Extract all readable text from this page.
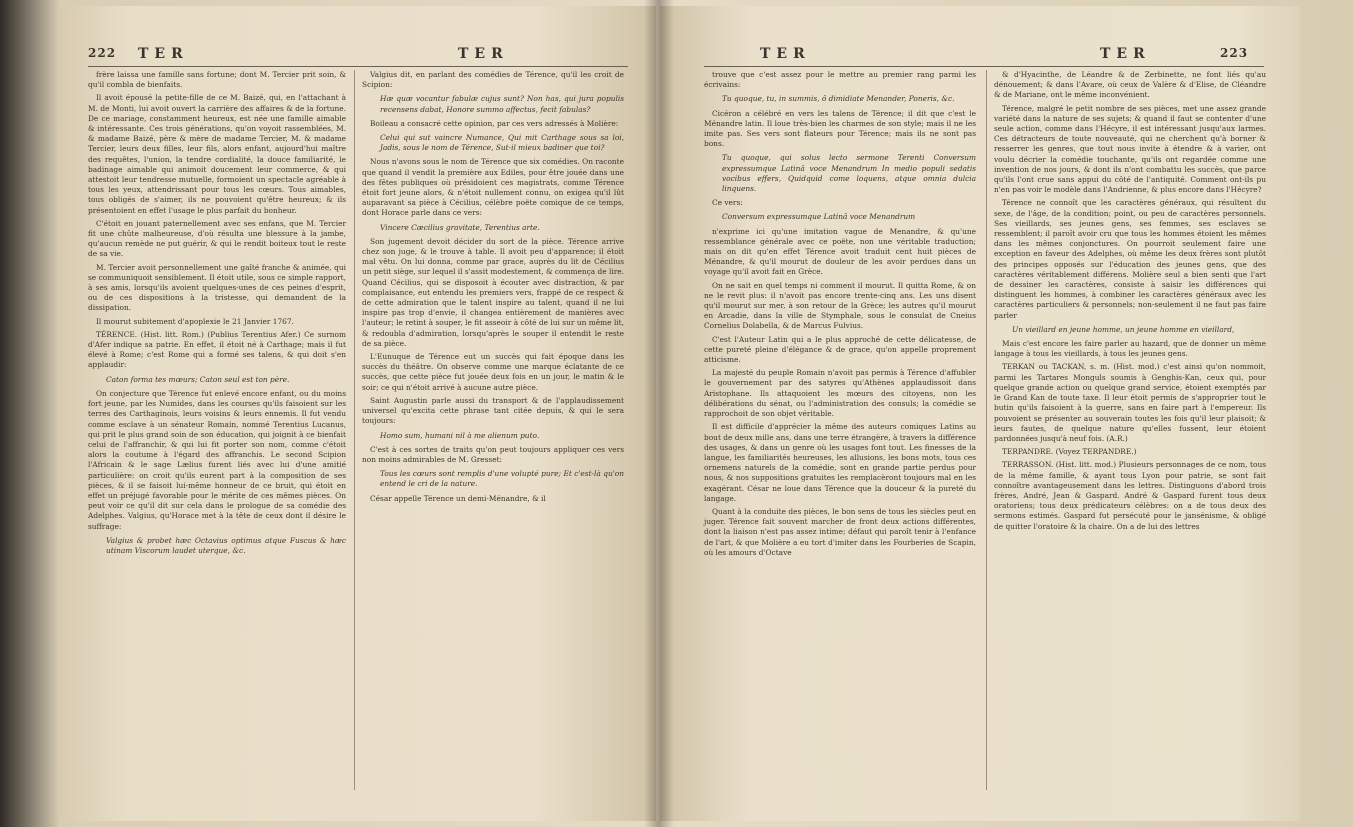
222 TER	TER

frère laissa une famille sans fortune; dont M. Tercier prit soin, & qu'il combla de bienfaits.

Il avoit épousé la petite-fille de ce M. Baizé, qui, en l'attachant à M. de Monti, lui avoit ouvert la carrière des affaires & de la fortune. De ce mariage, constamment heureux, est née une famille aimable & intéressante. Ces trois générations, qu'on voyoit rassemblées, M. & madame Baizé, père & mère de madame Tercier, M. & madame Tercier, leurs deux filles, leur fils, alors enfant, aujourd'hui maître des requêtes, l'union, la tendre cordialité, la douce familiarité, le badinage aimable qui animoit doucement leur commerce, & qui attestoit leur tendresse mutuelle, formoient un spectacle agréable à tous les yeux, attendrissant pour tous les cœurs. Tous aimables, tous obligés de s'aimer, ils ne pouvoient qu'être heureux; & ils présentoient en effet l'usage le plus parfait du bonheur.

C'étoit en jouant paternellement avec ses enfans, que M. Tercier fit une chûte malheureuse, d'où résulta une blessure à la jambe, qu'aucun remède ne put guérir, & qui le rendit boiteux tout le reste de sa vie.

M. Tercier avoit personnellement une gaîté franche & animée, qui se communiquoit sensiblement. Il étoit utile, sous ce simple rapport, à ses amis, lorsqu'ils avoient quelques-unes de ces peines d'esprit, ou de ces dispositions à la tristesse, qui demandent de la dissipation.

Il mourut subitement d'apoplexie le 21 Janvier 1767.

TÉRENCE. (Hist. litt. Rom.) (Publius Terentius Afer.) Ce surnom d'Afer indique sa patrie. En effet, il étoit né à Carthage; mais il fut élevé à Rome; c'est Rome qui a formé ses talens, & qui doit s'en applaudir:

Caton forma tes mœurs; Caton seul est ton père.

On conjecture que Térence fut enlevé encore enfant, ou du moins fort jeune, par les Numides, dans les courses qu'ils faisoient sur les terres des Carthaginois, leurs voisins & leurs ennemis. Il fut vendu comme esclave à un sénateur Romain, nommé Terentius Lucanus, qui prit le plus grand soin de son éducation, qui joignit à ce bienfait celui de l'affranchir, & qui lui fit porter son nom, comme c'étoit alors la coutume à l'égard des affranchis. Le second Scipion l'Africain & le sage Lælius furent liés avec lui d'une amitié particulière: on croit qu'ils eurent part à la composition de ses pièces, & il se faisoit lui-même honneur de ce bruit, qui étoit en effet un préjugé favorable pour le mérite de ces mêmes pièces. On peut voir ce qu'il dit sur cela dans le prologue de sa comédie des Adelphes. Valgius, qu'Horace met à la tête de ceux dont il désire le suffrage:

Valgius & probet hæc Octavius optimus atque Fuscus & hæc utinam Viscorum laudet uterque, &c.

Valgius dit, en parlant des comédies de Térence, qu'il les croit de Scipion:

Hæ quæ vocantur fabulæ cujus sunt? Non has, qui jura populis recensens dabat, Honore summo affectus, fecit fabulas?

Boileau a consacré cette opinion, par ces vers adressés à Molière:

Celui qui sut vaincre Numance, Qui mit Carthage sous sa loi, Jadis, sous le nom de Térence, Sut-il mieux badiner que toi?

Nous n'avons sous le nom de Térence que six comédies. On raconte que quand il vendit la première aux Ediles, pour être jouée dans une des fêtes publiques où présidoient ces magistrats, comme Térence étoit fort jeune alors, & n'étoit nullement connu, on exigea qu'il lût auparavant sa pièce à Cécilius, célèbre poëte comique de ce temps, dont Horace parle dans ce vers:

Vincere Cæcilius gravitate, Terentius arte.

Son jugement devoit décider du sort de la pièce. Térence arrive chez son juge, & le trouve à table. Il avoit peu d'apparence; il étoit mal vêtu. On lui donna, comme par grace, auprès du lit de Cécilius un petit siège, sur lequel il s'assit modestement, & commença de lire. Quand Cécilius, qui se disposoit à écouter avec distraction, & par complaisance, eut entendu les premiers vers, frappé de ce respect & de cette admiration que le talent inspire au talent, quand il ne lui inspire pas trop d'envie, il changea entièrement de manières avec l'auteur; le retint à souper, le fit asseoir à côté de lui sur un même lit, & redoubla d'admiration, lorsqu'après le souper il entendit le reste de sa pièce.

L'Eunuque de Térence eut un succès qui fait époque dans les succès du théâtre. On observe comme une marque éclatante de ce succès, que cette pièce fut jouée deux fois en un jour, le matin & le soir; ce qui n'étoit arrivé à aucune autre pièce.

Saint Augustin parle aussi du transport & de l'applaudissement universel qu'excita cette phrase tant citée depuis, & qui le sera toujours:

Homo sum, humani nil à me alienum puto.

C'est à ces sortes de traits qu'on peut toujours appliquer ces vers non moins admirables de M. Gresset:

Tous les cœurs sont remplis d'une volupté pure; Et c'est-là qu'on entend le cri de la nature.

César appelle Térence un demi-Ménandre, & il

TER	TER	223

trouve que c'est assez pour le mettre au premier rang parmi les écrivains:

Tu quoque, tu, in summis, ô dimidiate Menander, Poneris, &c.

Cicéron a célébré en vers les talens de Térence; il dit que c'est le Ménandre latin. Il loue très-bien les charmes de son style; mais il ne les imite pas. Ses vers sont flateurs pour Térence; mais ils ne sont pas bons.

Tu quoque, qui solus lecto sermone Terenti Conversum expressumque Latinâ voce Menandrum In medio populi sedatis vocibus effers, Quidquid come loquens, atque omnia dulcia linquens.

Ce vers:

Conversum expressumque Latinâ voce Menandrum

n'exprime ici qu'une imitation vague de Menandre, & qu'une ressemblance générale avec ce poëte, non une véritable traduction; mais on dit qu'en effet Térence avoit traduit cent huit pièces de Ménandre, & qu'il mourut de douleur de les avoir perdues dans un voyage qu'il avoit fait en Grèce.

On ne sait en quel temps ni comment il mourut. Il quitta Rome, & on ne le revit plus: il n'avoit pas encore trente-cinq ans. Les uns disent qu'il mourut sur mer, à son retour de la Grèce; les autres qu'il mourut en Arcadie, dans la ville de Stymphale, sous le consulat de Cneius Cornelius Dolabella, & de Marcus Fulvius.

C'est l'Auteur Latin qui a le plus approché de cette délicatesse, de cette pureté pleine d'élégance & de grace, qu'on appelle proprement atticisme.

La majesté du peuple Romain n'avoit pas permis à Térence d'affubler le gouvernement par des satyres qu'Athènes applaudissoit dans Aristophane. Ils attaquoient les mœurs des citoyens, non les délibérations du sénat, ou l'administration des consuls; la comédie se rapprochoit de son objet véritable.

Il est difficile d'apprécier la même des auteurs comiques Latins au bout de deux mille ans, dans une terre étrangère, à travers la différence des usages, & dans un genre où les usages font tout. Les finesses de la langue, les familiarités heureuses, les allusions, les bons mots, tous ces ornemens naturels de la comédie, sont en grande partie perdus pour nous, & nos suppositions gratuites les remplacèront toujours mal en les exagérant. César ne loue dans Térence que la douceur & la pureté du langage.

Quant à la conduite des pièces, le bon sens de tous les siècles peut en juger. Térence fait souvent marcher de front deux actions différentes, dont la liaison n'est pas assez intime; défaut qui paroît tenir à l'enfance de l'art, & que Molière a eu tort d'imiter dans les Fourberies de Scapin, où les amours d'Octave

& d'Hyacinthe, de Léandre & de Zerbinette, ne font liés qu'au dénouement; & dans l'Avare, où ceux de Valère & d'Elise, de Cléandre & de Mariane, ont le même inconvénient.

Térence, malgré le petit nombre de ses pièces, met une assez grande variété dans la nature de ses sujets; & quand il faut se contenter d'une seule action, comme dans l'Hécyre, il est intéressant jusqu'aux larmes. Ces détracteurs de toute nouveauté, qui ne cherchent qu'à borner & resserrer les genres, que tout nous invite à étendre & à varier, ont voulu décrier la comédie touchante, qu'ils ont regardée comme une invention de nos jours, & dont ils n'ont combattu les succès, que parce qu'ils l'ont crue sans appui du côté de l'antiquité. Comment ont-ils pu n'en pas voir le modèle dans l'Andrienne, & plus encore dans l'Hécyre?

Térence ne connoît que les caractères généraux, qui résultent du sexe, de l'âge, de la condition; point, ou peu de caractères personnels. Ses vieillards, ses jeunes gens, ses femmes, ses esclaves se ressemblent; il paroît avoir cru que tous les hommes étoient les mêmes dans les mêmes conjonctures. On pourroit seulement faire une exception en faveur des Adelphes, où même les deux frères sont plutôt des principes opposés sur l'éducation des jeunes gens, que des caractères véritablement différens. Molière seul a bien senti que l'art de dessiner les caractères, consiste à saisir les différences qui distinguent les hommes, à combiner les caractères généraux avec les caractères particuliers & personnels; non-seulement il ne faut pas faire parler

Un vieillard en jeune homme, un jeune homme en vieillard,

Mais c'est encore les faire parler au hazard, que de donner un même langage à tous les vieillards, à tous les jeunes gens.

TERKAN ou TACKAN, s. m. (Hist. mod.) c'est ainsi qu'on nommoit, parmi les Tartares Monguls soumis à Genghis-Kan, ceux qui, pour quelque grande action ou quelque grand service, étoient exemptés par le Grand Kan de toute taxe. Il leur étoit permis de s'approprier tout le butin qu'ils faisoient à la guerre, sans en faire part à l'empereur. Ils pouvoient se présenter au souverain toutes les fois qu'il leur plaisoit; & leurs fautes, de quelque nature qu'elles fussent, leur étoient pardonnées jusqu'à neuf fois. (A.R.)

TERPANDRE. (Voyez TERPANDRE.)

TERRASSON. (Hist. litt. mod.) Plusieurs personnages de ce nom, tous de la même famille, & ayant tous Lyon pour patrie, se sont fait connoître avantageusement dans les lettres. Distinguons d'abord trois frères, André, Jean & Gaspard. André & Gaspard furent tous deux oratoriens; tous deux prédicateurs célèbres: on a de tous deux des sermons estimés. Gaspard fut persécuté pour le jansénisme, & obligé de quitter l'oratoire & la chaire. On a de lui des lettres
